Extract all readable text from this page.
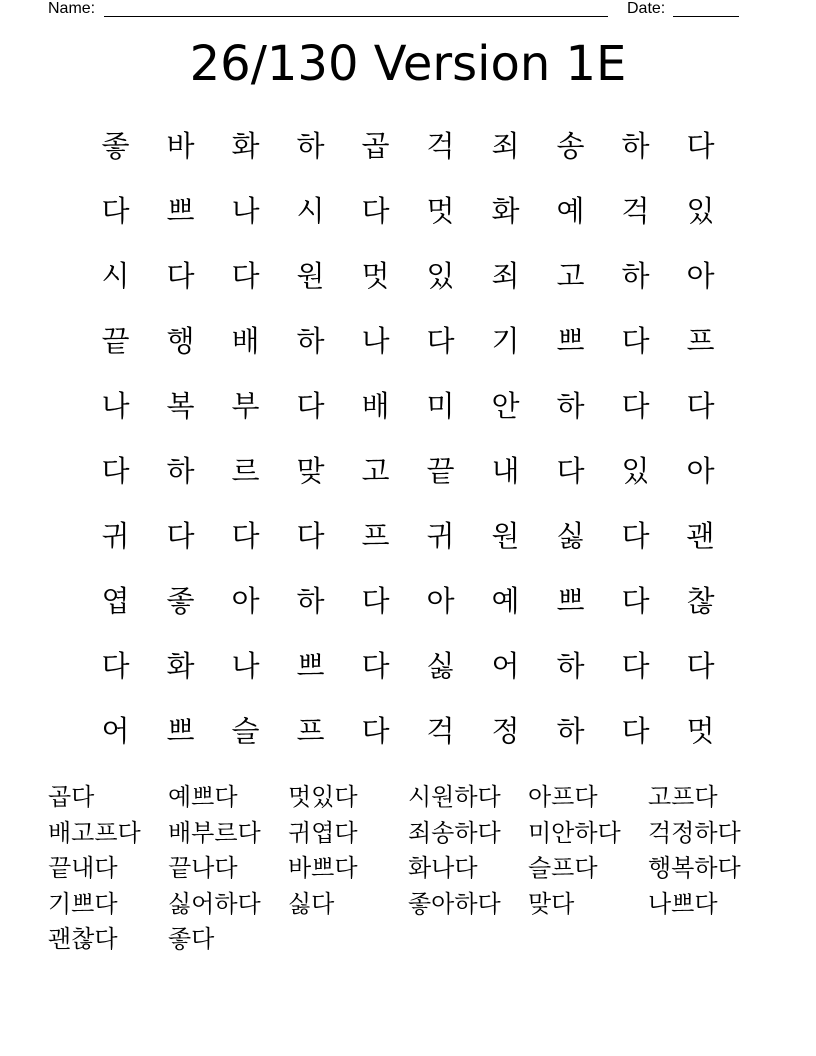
Name:	Date:
26/130 Version 1E
좋	바	화	하	곱	걱	죄	송	하	다
다	쁘	나	시	다	멋	화	예	걱	있
시	다	다	원	멋	있	죄	고	하	아
끝	행	배	하	나	다	기	쁘	다	프
나	복	부	다	배	미	안	하	다	다
다	하	르	맞	고	끝	내	다	있	아
귀	다	다	다	프	귀	원	싫	다	괜
엽	좋	아	하	다	아	예	쁘	다	찮
다	화	나	쁘	다	싫	어	하	다	다
어	쁘	슬	프	다	걱	정	하	다	멋
곱다	예쁘다	멋있다	시원하다	아프다	고프다
배고프다	배부르다	귀엽다	죄송하다	미안하다	걱정하다
끝내다	끝나다	바쁘다	화나다	슬프다	행복하다
기쁘다	싫어하다	싫다	좋아하다	맞다	나쁘다
괜찮다	좋다
